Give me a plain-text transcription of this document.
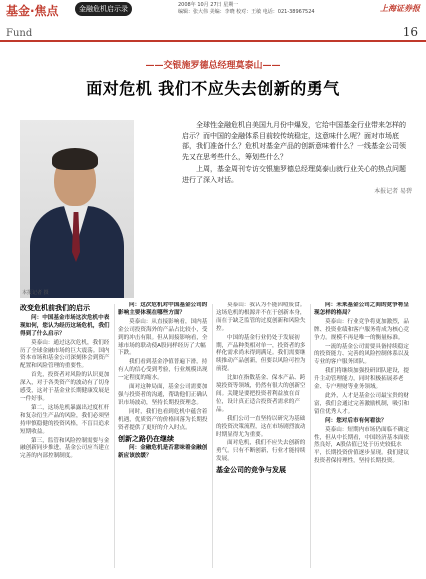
基金·焦点	金融危机启示录	2008年 10月 27日 星期一
编辑：张大伟 美编：李晓 校对：王敏 电话：021-38967524	上海证券报
Fund	16
——交银施罗德总经理莫泰山——
面对危机 我们不应失去创新的勇气
本报记者 摄

全球性金融危机自美国九月份中爆发，它给中国基金行业带来怎样的启示？而中国的金融体系目前较传统稳定，这意味什么呢？面对市场底部，我们准备什么？危机对基金产品的创新意味着什么？一线基金公司领先又在思考些什么，筹划些什么？

上周，基金周刊专访交银施罗德总经理莫泰山就行业关心的热点问题进行了深入对话。

本报记者 易碧
改变危机前我们的启示

问：中国基金市场这次危机中表现如何，您认为经历这场危机，我们得到了什么启示？

莫泰山：通过这次危机，我们经历了全球金融市场的巨大震荡。国内资本市场和基金公司深刻体会到资产配置和风险管理的重要性。

首先，投资者对风险的认识更加深入，对于各类资产的波动有了切身感受，这对于基金业长期健康发展是一件好事。

第二，这场危机暴露出过度杠杆和复杂衍生产品的风险，我们必须坚持审慎稳健的投资风格，不盲目追求短期收益。

第三，监管和风险控制需要与金融创新同步推进，基金公司应当建立完善的内部控制制度。

问：这次危机对中国基金公司的影响主要体现在哪些方面？

莫泰山：从直接影响看，国内基金公司投资海外的产品占比较小，受到的冲击有限。但从间接影响看，全球市场的联动使A股同样经历了大幅下跌。

我们看到基金净值普遍下滑，持有人的信心受到考验，行业规模出现一定程度的缩水。

面对这种局面，基金公司需要加强与投资者的沟通，帮助他们正确认识市场波动，坚持长期投资理念。

同时，我们也看到危机中蕴含着机遇，优质资产的价格回落为长期投资者提供了更好的介入时点。

创新之路仍在继续

问：金融危机是否意味着金融创新应该放缓？

莫泰山：我认为不能因噎废食。这场危机的根源并不在于创新本身，而在于缺乏监管的过度创新和风险失控。

中国的基金行业仍处于发展初期，产品种类相对单一，投资者的多样化需求尚未得到满足。我们需要继续推动产品创新，但要以风险可控为前提。

比如在指数基金、保本产品、跨境投资等领域，仍然有很大的创新空间。关键是要把投资者利益放在首位，设计真正适合投资者需求的产品。

我们公司一直坚持以研究为基础的投资决策流程，这在市场剧烈波动时期显得尤为重要。

面对危机，我们不应失去创新的勇气。只有不断创新，行业才能持续发展。

基金公司的竞争与发展

问：未来基金公司之间的竞争将呈现怎样的格局？

莫泰山：行业竞争将更加激烈，品牌、投资业绩和客户服务将成为核心竞争力。规模不再是唯一的衡量标准。

一流的基金公司需要具备持续稳定的投资能力、完善的风险控制体系以及专业的客户服务团队。

我们将继续加强投研团队建设，提升主动管理能力，同时积极拓展养老金、专户理财等业务领域。

此外，人才是基金公司最宝贵的财富，我们会通过完善激励机制，吸引和留住优秀人才。

问：您对后市有何看法？

莫泰山：短期内市场仍面临不确定性，但从中长期看，中国经济基本面依然良好，A股估值已处于历史较低水平，长期投资价值逐步显现。我们建议投资者保持理性，坚持长期投资。
